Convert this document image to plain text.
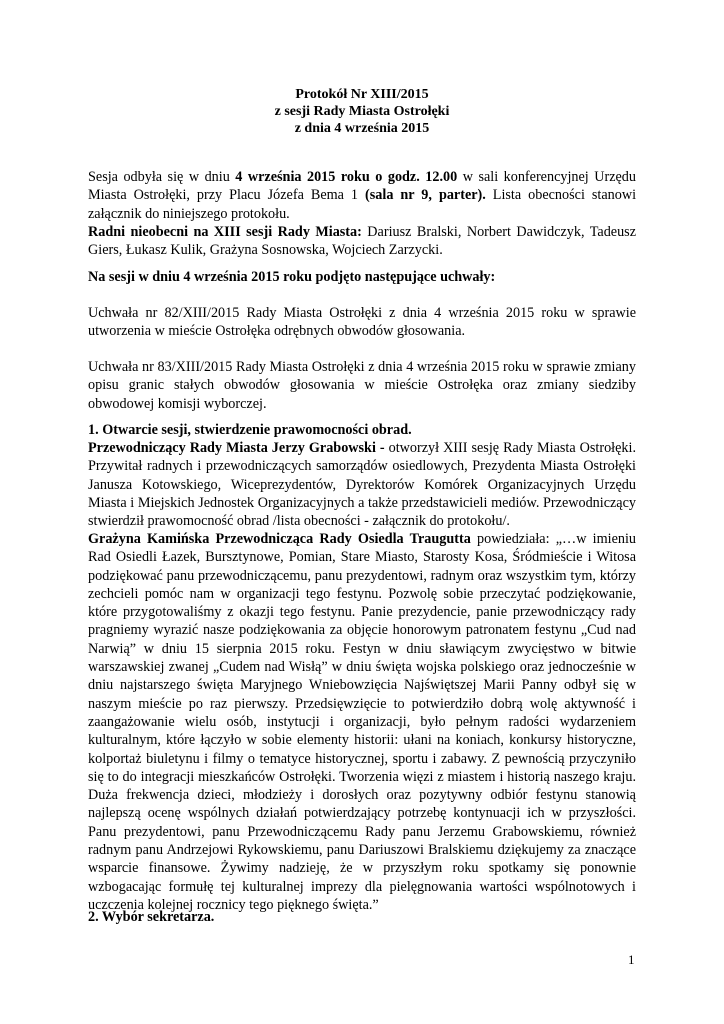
Protokół Nr XIII/2015
z sesji Rady Miasta Ostrołęki
z dnia 4 września 2015
Sesja odbyła się w dniu 4 września 2015 roku o godz. 12.00 w sali konferencyjnej Urzędu Miasta Ostrołęki, przy Placu Józefa Bema 1 (sala nr 9, parter). Lista obecności stanowi załącznik do niniejszego protokołu.
Radni nieobecni na XIII sesji Rady Miasta: Dariusz Bralski, Norbert Dawidczyk, Tadeusz Giers, Łukasz Kulik, Grażyna Sosnowska, Wojciech Zarzycki.
Na sesji w dniu 4 września 2015 roku podjęto następujące uchwały:
Uchwała nr 82/XIII/2015 Rady Miasta Ostrołęki z dnia 4 września 2015 roku w sprawie utworzenia w mieście Ostrołęka odrębnych obwodów głosowania.
Uchwała nr 83/XIII/2015 Rady Miasta Ostrołęki z dnia 4 września 2015 roku w sprawie zmiany opisu granic stałych obwodów głosowania w mieście Ostrołęka oraz zmiany siedziby obwodowej komisji wyborczej.
1. Otwarcie sesji, stwierdzenie prawomocności obrad.
Przewodniczący Rady Miasta Jerzy Grabowski - otworzył XIII sesję Rady Miasta Ostrołęki. Przywitał radnych i przewodniczących samorządów osiedlowych, Prezydenta Miasta Ostrołęki Janusza Kotowskiego, Wiceprezydentów, Dyrektorów Komórek Organizacyjnych Urzędu Miasta i Miejskich Jednostek Organizacyjnych a także przedstawicieli mediów. Przewodniczący stwierdził prawomocność obrad /lista obecności - załącznik do protokołu/.
Grażyna Kamińska Przewodnicząca Rady Osiedla Traugutta powiedziała: „…w imieniu Rad Osiedli Łazek, Bursztynowe, Pomian, Stare Miasto, Starosty Kosa, Śródmieście i Witosa podziękować panu przewodniczącemu, panu prezydentowi, radnym oraz wszystkim tym, którzy zechcieli pomóc nam w organizacji tego festynu. Pozwolę sobie przeczytać podziękowanie, które przygotowaliśmy z okazji tego festynu. Panie prezydencie, panie przewodniczący rady pragniemy wyrazić nasze podziękowania za objęcie honorowym patronatem festynu „Cud nad Narwią” w dniu 15 sierpnia 2015 roku. Festyn w dniu sławiącym zwycięstwo w bitwie warszawskiej zwanej „Cudem nad Wisłą” w dniu święta wojska polskiego oraz jednocześnie w dniu najstarszego święta Maryjnego Wniebowzięcia Najświętszej Marii Panny odbył się w naszym mieście po raz pierwszy. Przedsięwzięcie to potwierdziło dobrą wolę aktywność i zaangażowanie wielu osób, instytucji i organizacji, było pełnym radości wydarzeniem kulturalnym, które łączyło w sobie elementy historii: ułani na koniach, konkursy historyczne, kolportaż biuletynu i filmy o tematyce historycznej, sportu i zabawy. Z pewnością przyczyniło się to do integracji mieszkańców Ostrołęki. Tworzenia więzi z miastem i historią naszego kraju. Duża frekwencja dzieci, młodzieży i dorosłych oraz pozytywny odbiór festynu stanowią najlepszą ocenę wspólnych działań potwierdzający potrzebę kontynuacji ich w przyszłości. Panu prezydentowi, panu Przewodniczącemu Rady panu Jerzemu Grabowskiemu, również radnym panu Andrzejowi Rykowskiemu, panu Dariuszowi Bralskiemu dziękujemy za znaczące wsparcie finansowe. Żywimy nadzieję, że w przyszłym roku spotkamy się ponownie wzbogacając formułę tej kulturalnej imprezy dla pielęgnowania wartości wspólnotowych i uczczenia kolejnej rocznicy tego pięknego święta.”
2. Wybór sekretarza.
1
